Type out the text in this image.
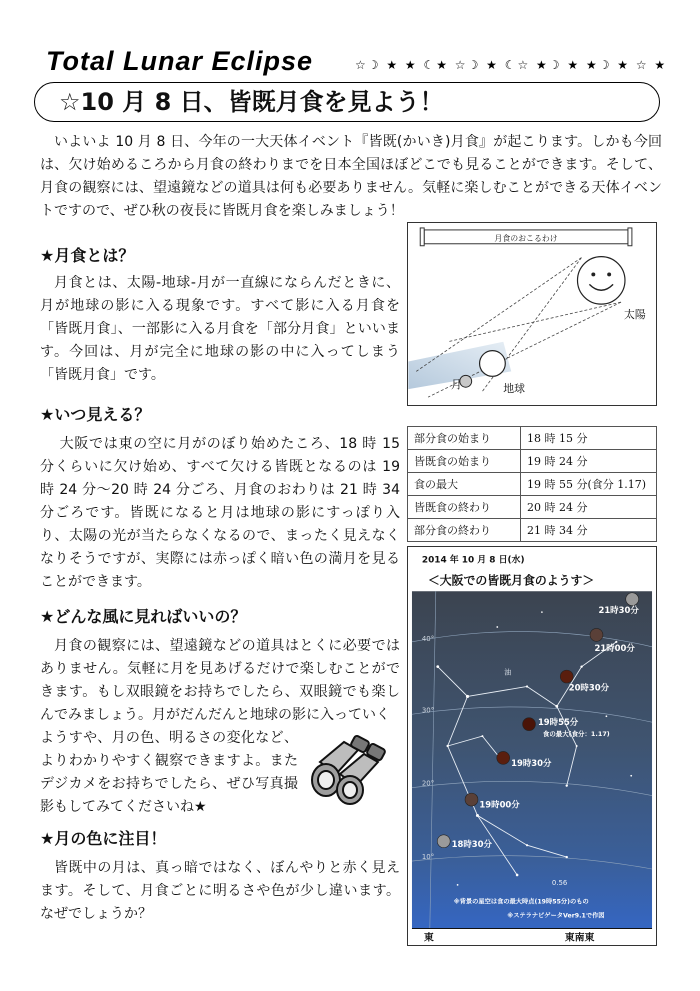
Total Lunar Eclipse	☆☽ ★ ★ ☾★ ☆☽ ★ ☾☆ ★☽ ★ ★☽ ★ ☆ ★
☆10 月 8 日、皆既月食を見よう！
いよいよ 10 月 8 日、今年の一大天体イベント『皆既(かいき)月食』が起こります。しかも今回は、欠け始めるころから月食の終わりまでを日本全国ほぼどこでも見ることができます。そして、月食の観察には、望遠鏡などの道具は何も必要ありません。気軽に楽しむことができる天体イベントですので、ぜひ秋の夜長に皆既月食を楽しみましょう！
★月食とは？
月食とは、太陽-地球-月が一直線にならんだときに、月が地球の影に入る現象です。すべて影に入る月食を「皆既月食」、一部影に入る月食を「部分月食」といいます。今回は、月が完全に地球の影の中に入ってしまう「皆既月食」です。
★いつ見える？
大阪では東の空に月がのぼり始めたころ、18 時 15 分くらいに欠け始め、すべて欠ける皆既となるのは 19 時 24 分～20 時 24 分ごろ、月食のおわりは 21 時 34 分ごろです。皆既になると月は地球の影にすっぽり入り、太陽の光が当たらなくなるので、まったく見えなくなりそうですが、実際には赤っぽく暗い色の満月を見ることができます。
★どんな風に見ればいいの？
月食の観察には、望遠鏡などの道具はとくに必要ではありません。気軽に月を見あげるだけで楽しむことができます。もし双眼鏡をお持ちでしたら、双眼鏡でも楽しんでみましょう。月がだんだんと地球の影に入っていく
ようすや、月の色、明るさの変化など、よりわかりやすく観察できますよ。またデジカメをお持ちでしたら、ぜひ写真撮影もしてみてくださいね★
★月の色に注目！
皆既中の月は、真っ暗ではなく、ぼんやりと赤く見えます。そして、月食ごとに明るさや色が少し違います。なぜでしょうか？
月食のおこるわけ
太陽
地球
月
部分食の始まり	18 時 15 分
皆既食の始まり	19 時 24 分
食の最大	19 時 55 分(食分 1.17)
皆既食の終わり	20 時 24 分
部分食の終わり	21 時 34 分
2014 年 10 月 8 日(水)
＜大阪での皆既月食のようす＞
40°
30°
20°
10°
油
0.56
21時30分
21時00分
20時30分
19時55分
19時30分
19時00分
18時30分
食の最大(食分：1.17)
※背景の星空は食の最大時点(19時55分)のもの
※ステラナビゲータVer9.1で作図
東	東南東
